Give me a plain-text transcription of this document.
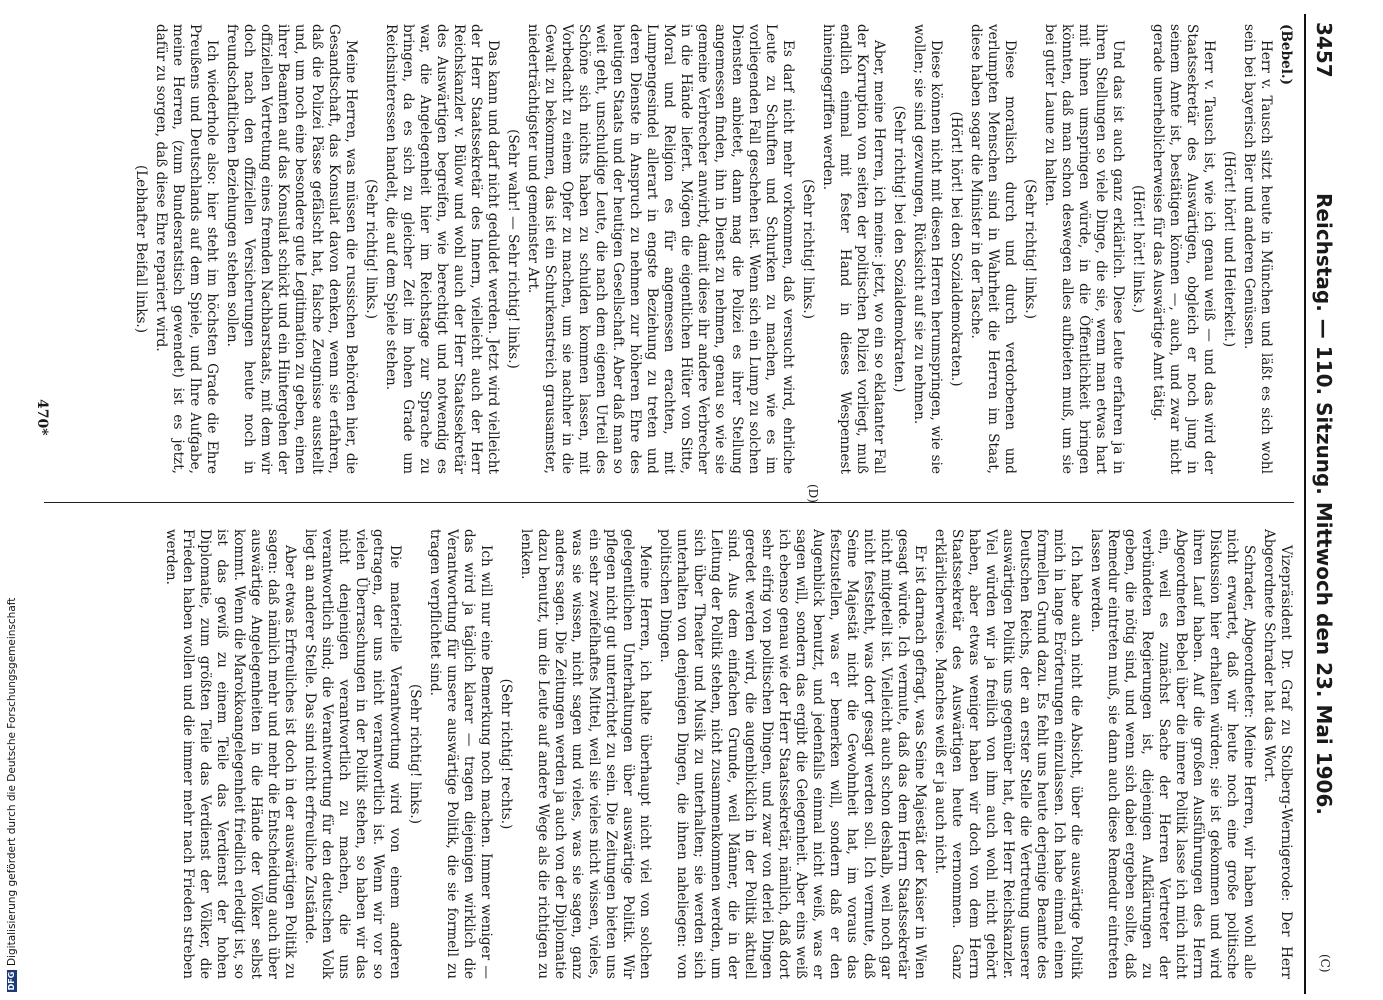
3457
Reichstag. — 110. Sitzung. Mittwoch den 23. Mai 1906.
(C)
(D)

(Bebel.)

Herr v. Tausch sitzt heute in München und läßt es sich wohl sein bei bayerisch Bier und anderen Genüssen.

(Hört! hört! und Heiterkeit.)

Herr v. Tausch ist, wie ich genau weiß — und das wird der Staatssekretär des Auswärtigen, obgleich er noch jung in seinem Amte ist, bestätigen können —, auch, und zwar nicht gerade unerheblicherweise für das Auswärtige Amt tätig.

(Hört! hört! links.)

Und das ist auch ganz erklärlich. Diese Leute erfahren ja in ihren Stellungen so viele Dinge, die sie, wenn man etwas hart mit ihnen umspringen würde, in die Öffentlichkeit bringen könnten, daß man schon deswegen alles aufbieten muß, um sie bei guter Laune zu halten.

(Sehr richtig! links.)

Diese moralisch durch und durch verdorbenen und verlumpten Menschen sind in Wahrheit die Herren im Staat, diese haben sogar die Minister in der Tasche.

(Hört! hört! bei den Sozialdemokraten.)

Diese können nicht mit diesen Herren herumspringen, wie sie wollen; sie sind gezwungen, Rücksicht auf sie zu nehmen.

(Sehr richtig! bei den Sozialdemokraten.)

Aber, meine Herren, ich meine: jetzt, wo ein so eklatanter Fall der Korruption von seiten der politischen Polizei vorliegt, muß endlich einmal mit fester Hand in dieses Wespennest hineingegriffen werden.

(Sehr richtig! links.)

Es darf nicht mehr vorkommen, daß versucht wird, ehrliche Leute zu Schuften und Schurken zu machen, wie es im vorliegenden Fall geschehen ist. Wenn sich ein Lump zu solchen Diensten anbietet, dann mag die Polizei es ihrer Stellung angemessen finden, ihn in Dienst zu nehmen, genau so wie sie gemeine Verbrecher anwirbt, damit diese ihr andere Verbrecher in die Hände liefert. Mögen die eigentlichen Hüter von Sitte, Moral und Religion es für angemessen erachten, mit Lumpengesindel allerart in engste Beziehung zu treten und deren Dienste in Anspruch zu nehmen zur höheren Ehre des heutigen Staats und der heutigen Gesellschaft. Aber daß man so weit geht, unschuldige Leute, die nach dem eigenen Urteil des Schöne sich nichts haben zu schulden kommen lassen, mit Vorbedacht zu einem Opfer zu machen, um sie nachher in die Gewalt zu bekommen, das ist ein Schurkenstreich grausamster, niederträchtigster und gemeinster Art.

(Sehr wahr! — Sehr richtig! links.)

Das kann und darf nicht geduldet werden. Jetzt wird vielleicht der Herr Staatssekretär des Innern, vielleicht auch der Herr Reichskanzler v. Bülow und wohl auch der Herr Staatssekretär des Auswärtigen begreifen, wie berechtigt und notwendig es war, die Angelegenheit hier im Reichstage zur Sprache zu bringen, da es sich zu gleicher Zeit im hohen Grade um Reichsinteressen handelt, die auf dem Spiele stehen.

(Sehr richtig! links.)

Meine Herren, was müssen die russischen Behörden hier, die Gesandtschaft, das Konsulat davon denken, wenn sie erfahren, daß die Polizei Pässe gefälscht hat, falsche Zeugnisse ausstellt und, um noch eine besondere gute Legitimation zu geben, einen ihrer Beamten auf das Konsulat schickt und ein Hintergehen der offiziellen Vertretung eines fremden Nachbarstaats, mit dem wir doch nach den offiziellen Versicherungen heute noch in freundschaftlichen Beziehungen stehen sollen.

Ich wiederhole also: hier steht im höchsten Grade die Ehre Preußens und Deutschlands auf dem Spiele, und Ihre Aufgabe, meine Herren, (zum Bundesratstisch gewendet) ist es jetzt, dafür zu sorgen, daß diese Ehre repariert wird.

(Lebhafter Beifall links.)

Vizepräsident Dr. Graf zu Stolberg-Wernigerode: Der Herr Abgeordnete Schrader hat das Wort.

Schrader, Abgeordneter: Meine Herren, wir haben wohl alle nicht erwartet, daß wir heute noch eine große politische Diskussion hier erhalten würden; sie ist gekommen und wird ihren Lauf haben. Auf die großen Ausführungen des Herrn Abgeordneten Bebel über die innere Politik lasse ich mich nicht ein, weil es zunächst Sache der Herren Vertreter der verbündeten Regierungen ist, diejenigen Aufklärungen zu geben, die nötig sind, und wenn sich dabei ergeben sollte, daß Remedur eintreten muß, sie dann auch diese Remedur eintreten lassen werden.

Ich habe auch nicht die Absicht, über die auswärtige Politik mich in lange Erörterungen einzulassen. Ich habe einmal einen formellen Grund dazu. Es fehlt uns heute derjenige Beamte des Deutschen Reichs, der an erster Stelle die Vertretung unserer auswärtigen Politik uns gegenüber hat, der Herr Reichskanzler. Viel würden wir ja freilich von ihm auch wohl nicht gehört haben, aber etwas weniger haben wir doch von dem Herrn Staatssekretär des Auswärtigen heute vernommen. Ganz erklärlicherweise. Manches weiß er ja auch nicht.

Er ist darnach gefragt, was Seine Majestät der Kaiser in Wien gesagt würde. Ich vermute, daß das dem Herrn Staatssekretär nicht mitgeteilt ist. Vielleicht auch schon deshalb, weil noch gar nicht feststeht, was dort gesagt werden soll. Ich vermute, daß Seine Majestät nicht die Gewohnheit hat, im voraus das festzustellen, was er bemerken will, sondern daß er den Augenblick benutzt, und jedenfalls einmal nicht weiß, was er sagen will, sondern das ergibt die Gelegenheit. Aber eins weiß ich ebenso genau wie der Herr Staatssekretär, nämlich, daß dort sehr eifrig von politischen Dingen, und zwar von derlei Dingen geredet werden wird, die augenblicklich in der Politik aktuell sind. Aus dem einfachen Grunde, weil Männer, die in der Leitung der Politik stehen, nicht zusammenkommen werden, um sich über Theater und Musik zu unterhalten; sie werden sich unterhalten von denjenigen Dingen, die ihnen naheliegen: von politischen Dingen.

Meine Herren, ich halte überhaupt nicht viel von solchen gelegentlichen Unterhaltungen über auswärtige Politik. Wir pflegen nicht gut unterrichtet zu sein. Die Zeitungen bieten uns ein sehr zweifelhaftes Mittel, weil sie vieles nicht wissen, vieles, was sie wissen, nicht sagen und vieles, was sie sagen, ganz anders sagen. Die Zeitungen werden ja auch von der Diplomatie dazu benutzt, um die Leute auf andere Wege als die richtigen zu lenken.

(Sehr richtig! rechts.)

Ich will nur eine Bemerkung noch machen. Immer weniger — das wird ja täglich klarer — tragen diejenigen wirklich die Verantwortung für unsere auswärtige Politik, die sie formell zu tragen verpflichtet sind.

(Sehr richtig! links.)

Die materielle Verantwortung wird von einem anderen getragen, der uns nicht verantwortlich ist. Wenn wir vor so vielen Überraschungen in der Politik stehen, so haben wir das nicht denjenigen verantwortlich zu machen, die uns verantwortlich sind; die Verantwortung für den deutschen Volk liegt an anderer Stelle. Das sind nicht erfreuliche Zustände.

Aber etwas Erfreuliches ist doch in der auswärtigen Politik zu sagen: daß nämlich mehr und mehr die Entscheidung auch über auswärtige Angelegenheiten in die Hände der Völker selbst kommt. Wenn die Marokkoangelegenheit friedlich erledigt ist, so ist das gewiß zu einem Teile das Verdienst der hohen Diplomatie, zum größten Teile das Verdienst der Völker, die Frieden haben wollen und die immer mehr nach Frieden streben werden.

470*
DFGDigitalisierung gefördert durch die Deutsche Forschungsgemeinschaft
